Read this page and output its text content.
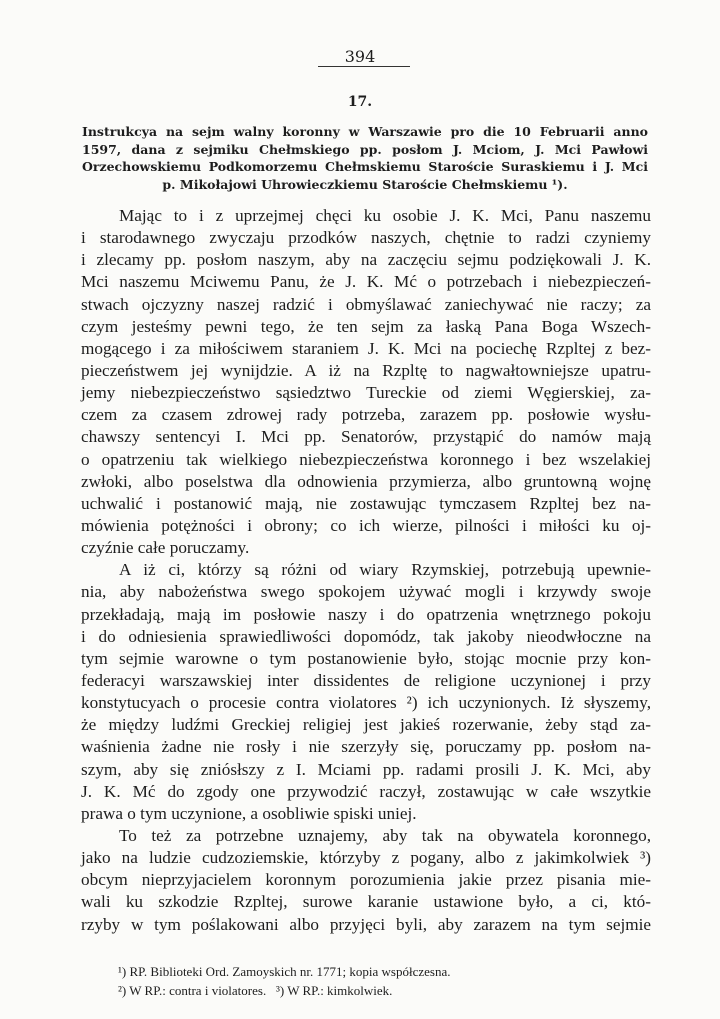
394
17.
Instrukcya na sejm walny koronny w Warszawie pro die 10 Februarii anno
1597, dana z sejmiku Chełmskiego pp. posłom J. Mciom, J. Mci Pawłowi
Orzechowskiemu Podkomorzemu Chełmskiemu Staroście Suraskiemu i J. Mci
p. Mikołajowi Uhrowieczkiemu Staroście Chełmskiemu ¹).
Mając to i z uprzejmej chęci ku osobie J. K. Mci, Panu naszemu
i starodawnego zwyczaju przodków naszych, chętnie to radzi czyniemy
i zlecamy pp. posłom naszym, aby na zaczęciu sejmu podziękowali J. K.
Mci naszemu Mciwemu Panu, że J. K. Mć o potrzebach i niebezpieczeń-
stwach ojczyzny naszej radzić i obmyślawać zaniechywać nie raczy; za
czym jesteśmy pewni tego, że ten sejm za łaską Pana Boga Wszech-
mogącego i za miłościwem staraniem J. K. Mci na pociechę Rzpltej z bez-
pieczeństwem jej wynijdzie. A iż na Rzpltę to nagwałtowniejsze upatru-
jemy niebezpieczeństwo sąsiedztwo Tureckie od ziemi Węgierskiej, za-
czem za czasem zdrowej rady potrzeba, zarazem pp. posłowie wysłu-
chawszy sentencyi I. Mci pp. Senatorów, przystąpić do namów mają
o opatrzeniu tak wielkiego niebezpieczeństwa koronnego i bez wszelakiej
zwłoki, albo poselstwa dla odnowienia przymierza, albo gruntowną wojnę
uchwalić i postanowić mają, nie zostawując tymczasem Rzpltej bez na-
mówienia potężności i obrony; co ich wierze, pilności i miłości ku oj-
czyźnie całe poruczamy.
A iż ci, którzy są różni od wiary Rzymskiej, potrzebują upewnie-
nia, aby nabożeństwa swego spokojem używać mogli i krzywdy swoje
przekładają, mają im posłowie naszy i do opatrzenia wnętrznego pokoju
i do odniesienia sprawiedliwości dopomódz, tak jakoby nieodwłoczne na
tym sejmie warowne o tym postanowienie było, stojąc mocnie przy kon-
federacyi warszawskiej inter dissidentes de religione uczynionej i przy
konstytucyach o procesie contra violatores ²) ich uczynionych. Iż słyszemy,
że między ludźmi Greckiej religiej jest jakieś rozerwanie, żeby stąd za-
waśnienia żadne nie rosły i nie szerzyły się, poruczamy pp. posłom na-
szym, aby się zniósłszy z I. Mciami pp. radami prosili J. K. Mci, aby
J. K. Mć do zgody one przywodzić raczył, zostawując w całe wszytkie
prawa o tym uczynione, a osobliwie spiski uniej.
To też za potrzebne uznajemy, aby tak na obywatela koronnego,
jako na ludzie cudzoziemskie, którzyby z pogany, albo z jakimkolwiek ³)
obcym nieprzyjacielem koronnym porozumienia jakie przez pisania mie-
wali ku szkodzie Rzpltej, surowe karanie ustawione było, a ci, któ-
rzyby w tym poślakowani albo przyjęci byli, aby zarazem na tym sejmie
¹) RP. Biblioteki Ord. Zamoyskich nr. 1771; kopia współczesna.
²) W RP.: contra i violatores.   ³) W RP.: kimkolwiek.
